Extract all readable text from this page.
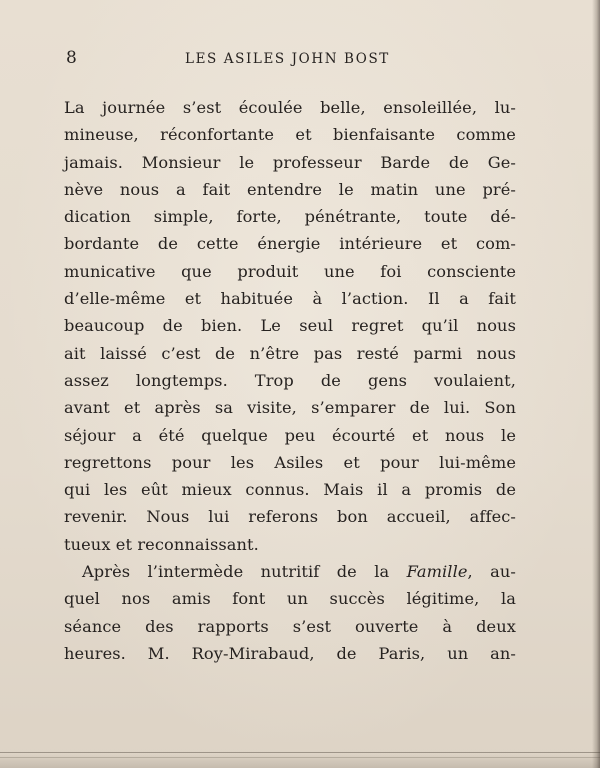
8	LES ASILES JOHN BOST
La journée s’est écoulée belle, ensoleillée, lu-
mineuse, réconfortante et bienfaisante comme
jamais. Monsieur le professeur Barde de Ge-
nève nous a fait entendre le matin une pré-
dication simple, forte, pénétrante, toute dé-
bordante de cette énergie intérieure et com-
municative que produit une foi consciente
d’elle-même et habituée à l’action. Il a fait
beaucoup de bien. Le seul regret qu’il nous
ait laissé c’est de n’être pas resté parmi nous
assez longtemps. Trop de gens voulaient,
avant et après sa visite, s’emparer de lui. Son
séjour a été quelque peu écourté et nous le
regrettons pour les Asiles et pour lui-même
qui les eût mieux connus. Mais il a promis de
revenir. Nous lui referons bon accueil, affec-
tueux et reconnaissant.
Après l’intermède nutritif de la Famille, au-
quel nos amis font un succès légitime, la
séance des rapports s’est ouverte à deux
heures. M. Roy-Mirabaud, de Paris, un an-
